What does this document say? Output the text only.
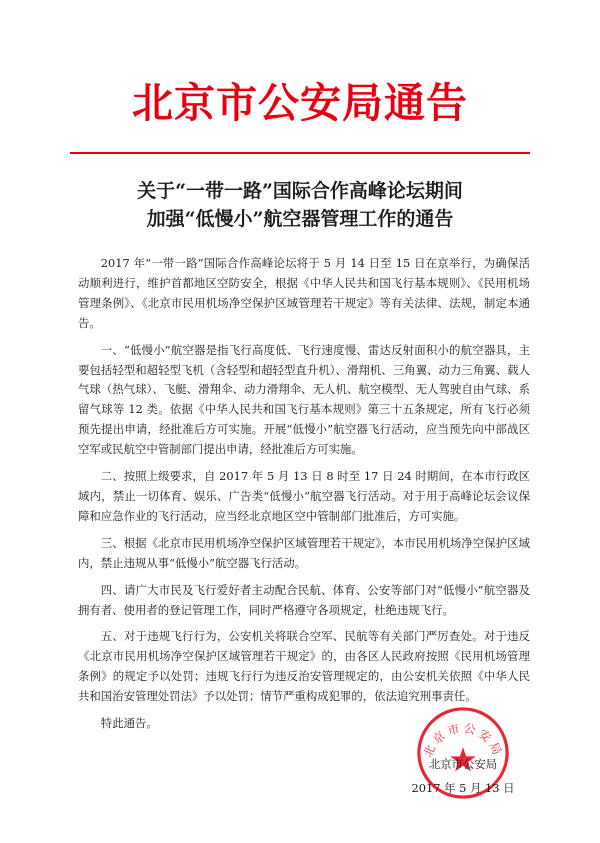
北京市公安局通告
关于“一带一路”国际合作高峰论坛期间
加强“低慢小”航空器管理工作的通告

2017 年“一带一路”国际合作高峰论坛将于 5 月 14 日至 15 日在京举行，为确保活动顺利进行，维护首都地区空防安全，根据《中华人民共和国飞行基本规则》、《民用机场管理条例》、《北京市民用机场净空保护区域管理若干规定》等有关法律、法规，制定本通告。

一、“低慢小”航空器是指飞行高度低、飞行速度慢、雷达反射面积小的航空器具，主要包括轻型和超轻型飞机（含轻型和超轻型直升机）、滑翔机、三角翼、动力三角翼、载人气球（热气球）、飞艇、滑翔伞、动力滑翔伞、无人机、航空模型、无人驾驶自由气球、系留气球等 12 类。依据《中华人民共和国飞行基本规则》第三十五条规定，所有飞行必须预先提出申请，经批准后方可实施。开展“低慢小”航空器飞行活动，应当预先向中部战区空军或民航空中管制部门提出申请，经批准后方可实施。

二、按照上级要求，自 2017 年 5 月 13 日 8 时至 17 日 24 时期间，在本市行政区域内，禁止一切体育、娱乐、广告类“低慢小”航空器飞行活动。对于用于高峰论坛会议保障和应急作业的飞行活动，应当经北京地区空中管制部门批准后，方可实施。

三、根据《北京市民用机场净空保护区域管理若干规定》，本市民用机场净空保护区域内，禁止违规从事“低慢小”航空器飞行活动。

四、请广大市民及飞行爱好者主动配合民航、体育、公安等部门对“低慢小”航空器及拥有者、使用者的登记管理工作，同时严格遵守各项规定，杜绝违规飞行。

五、对于违规飞行行为，公安机关将联合空军、民航等有关部门严厉查处。对于违反《北京市民用机场净空保护区域管理若干规定》的，由各区人民政府按照《民用机场管理条例》的规定予以处罚；违规飞行行为违反治安管理规定的，由公安机关依照《中华人民共和国治安管理处罚法》予以处罚；情节严重构成犯罪的，依法追究刑事责任。

特此通告。

北京市公安局
北京市公安局
2017 年 5 月 13 日
